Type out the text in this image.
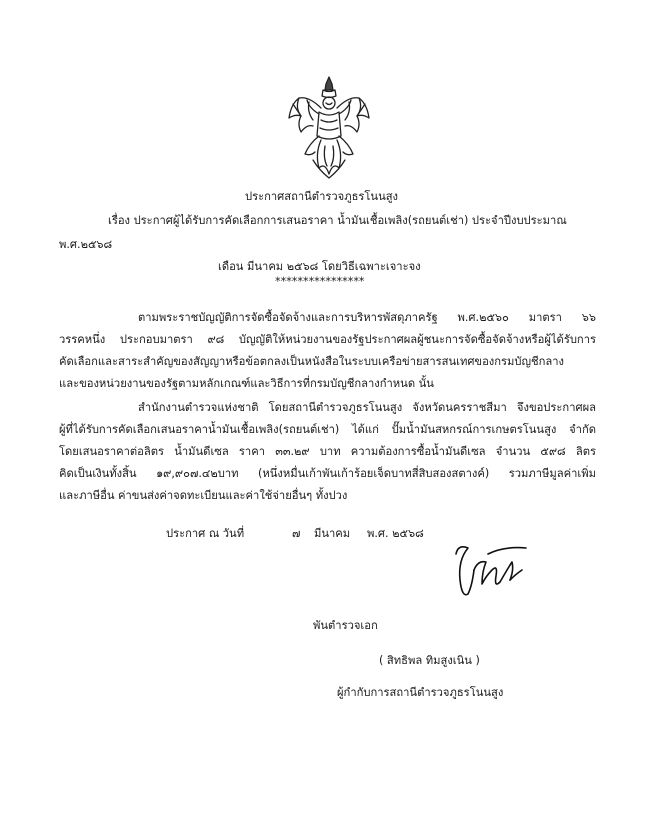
ประกาศสถานีตำรวจภูธรโนนสูง
เรื่อง ประกาศผู้ได้รับการคัดเลือกการเสนอราคา น้ำมันเชื้อเพลิง(รถยนต์เช่า) ประจำปีงบประมาณ
พ.ศ.๒๕๖๘
เดือน มีนาคม ๒๕๖๘ โดยวิธีเฉพาะเจาะจง
****************
ตามพระราชบัญญัติการจัดซื้อจัดจ้างและการบริหารพัสดุภาครัฐ พ.ศ.๒๕๖๐ มาตรา ๖๖
วรรคหนึ่ง ประกอบมาตรา ๙๘ บัญญัติให้หน่วยงานของรัฐประกาศผลผู้ชนะการจัดซื้อจัดจ้างหรือผู้ได้รับการ
คัดเลือกและสาระสำคัญของสัญญาหรือข้อตกลงเป็นหนังสือในระบบเครือข่ายสารสนเทศของกรมบัญชีกลาง
และของหน่วยงานของรัฐตามหลักเกณฑ์และวิธีการที่กรมบัญชีกลางกำหนด นั้น
สำนักงานตำรวจแห่งชาติ โดยสถานีตำรวจภูธรโนนสูง จังหวัดนครราชสีมา จึงขอประกาศผล
ผู้ที่ได้รับการคัดเลือกเสนอราคาน้ำมันเชื้อเพลิง(รถยนต์เช่า) ได้แก่ ปั๊มน้ำมันสหกรณ์การเกษตรโนนสูง จำกัด
โดยเสนอราคาต่อลิตร น้ำมันดีเซล ราคา ๓๓.๒๙ บาท ความต้องการซื้อน้ำมันดีเซล จำนวน ๕๙๘ ลิตร
คิดเป็นเงินทั้งสิ้น ๑๙,๙๐๗.๔๒บาท (หนึ่งหมื่นเก้าพันเก้าร้อยเจ็ดบาทสี่สิบสองสตางค์) รวมภาษีมูลค่าเพิ่ม
และภาษีอื่น ค่าขนส่งค่าจดทะเบียนและค่าใช้จ่ายอื่นๆ ทั้งปวง
ประกาศ ณ วันที่	๗ มีนาคม พ.ศ. ๒๕๖๘
พันตำรวจเอก
( สิทธิพล ทิมสูงเนิน )
ผู้กำกับการสถานีตำรวจภูธรโนนสูง
